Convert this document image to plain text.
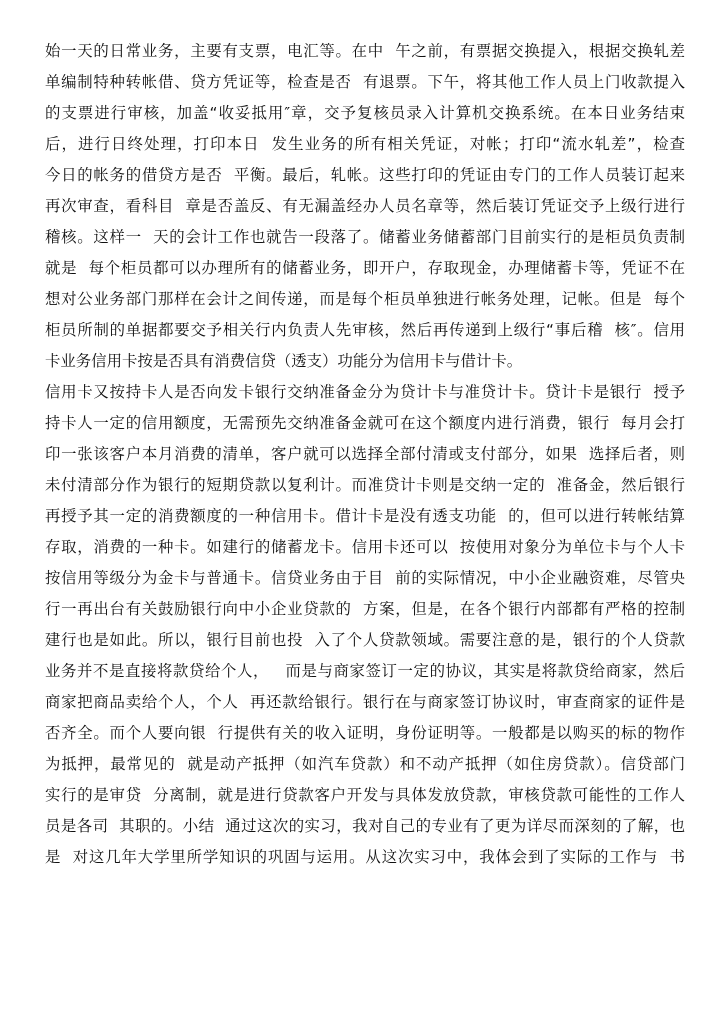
始一天的日常业务，主要有支票，电汇等。在中  午之前，有票据交换提入，根据交换轧差
单编制特种转帐借、贷方凭证等，检查是否  有退票。下午，将其他工作人员上门收款提入
的支票进行审核，加盖“收妥抵用″章，交予复核员录入计算机交换系统。在本日业务结束
后，进行日终处理，打印本日  发生业务的所有相关凭证，对帐；打印“流水轧差”，检查
今日的帐务的借贷方是否  平衡。最后，轧帐。这些打印的凭证由专门的工作人员装订起来
再次审查，看科目  章是否盖反、有无漏盖经办人员名章等，然后装订凭证交予上级行进行
稽核。这样一  天的会计工作也就告一段落了。储蓄业务储蓄部门目前实行的是柜员负责制
就是  每个柜员都可以办理所有的储蓄业务，即开户，存取现金，办理储蓄卡等，凭证不在
想对公业务部门那样在会计之间传递，而是每个柜员单独进行帐务处理，记帐。但是  每个
柜员所制的单据都要交予相关行内负责人先审核，然后再传递到上级行“事后稽  核″。信用
卡业务信用卡按是否具有消费信贷（透支）功能分为信用卡与借计卡。
信用卡又按持卡人是否向发卡银行交纳准备金分为贷计卡与准贷计卡。贷计卡是银行  授予
持卡人一定的信用额度，无需预先交纳准备金就可在这个额度内进行消费，银行  每月会打
印一张该客户本月消费的清单，客户就可以选择全部付清或支付部分，如果  选择后者，则
未付清部分作为银行的短期贷款以复利计。而准贷计卡则是交纳一定的  准备金，然后银行
再授予其一定的消费额度的一种信用卡。借计卡是没有透支功能  的，但可以进行转帐结算
存取，消费的一种卡。如建行的储蓄龙卡。信用卡还可以  按使用对象分为单位卡与个人卡
按信用等级分为金卡与普通卡。信贷业务由于目  前的实际情况，中小企业融资难，尽管央
行一再出台有关鼓励银行向中小企业贷款的  方案，但是，在各个银行内部都有严格的控制
建行也是如此。所以，银行目前也投  入了个人贷款领域。需要注意的是，银行的个人贷款
业务并不是直接将款贷给个人，   而是与商家签订一定的协议，其实是将款贷给商家，然后
商家把商品卖给个人，个人  再还款给银行。银行在与商家签订协议时，审查商家的证件是
否齐全。而个人要向银  行提供有关的收入证明，身份证明等。一般都是以购买的标的物作
为抵押，最常见的  就是动产抵押（如汽车贷款）和不动产抵押（如住房贷款）。信贷部门
实行的是审贷  分离制，就是进行贷款客户开发与具体发放贷款，审核贷款可能性的工作人
员是各司  其职的。小结  通过这次的实习，我对自己的专业有了更为详尽而深刻的了解，也
是  对这几年大学里所学知识的巩固与运用。从这次实习中，我体会到了实际的工作与  书
